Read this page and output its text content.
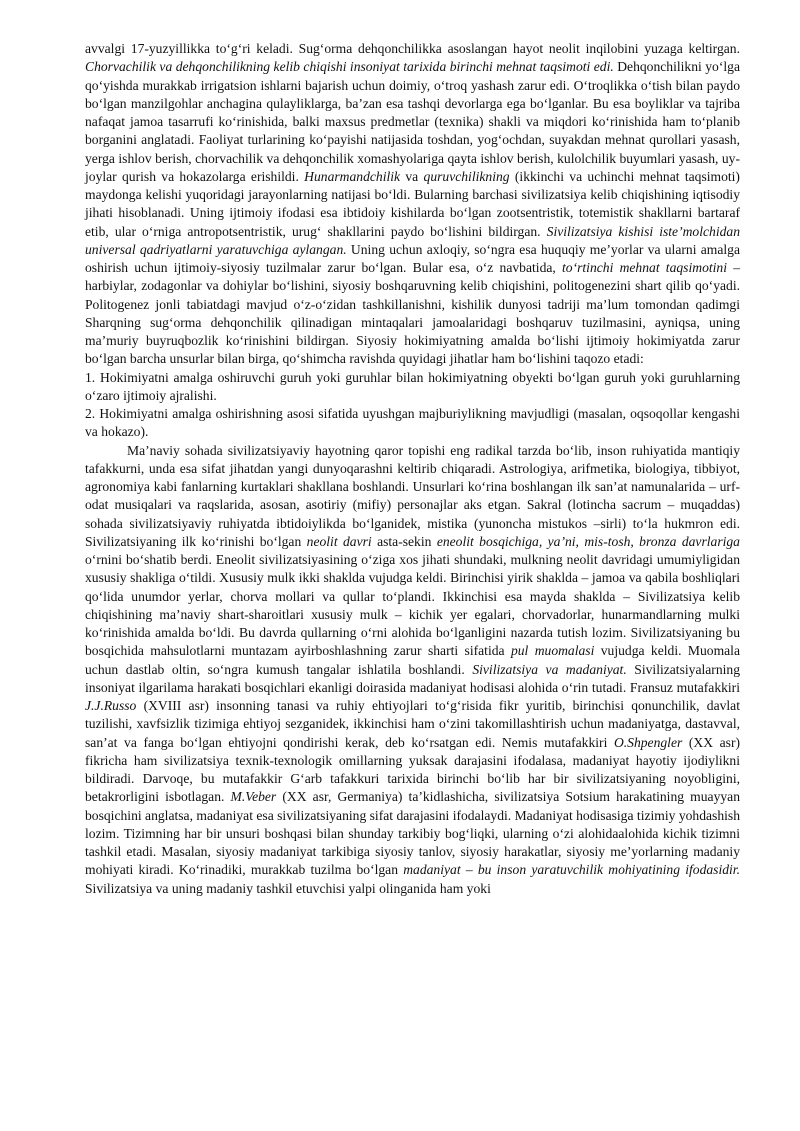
avvalgi 17-yuzyillikka to‘g‘ri keladi. Sug‘orma dehqonchilikka asoslangan hayot neolit inqilobini yuzaga keltirgan. Chorvachilik va dehqonchilikning kelib chiqishi insoniyat tarixida birinchi mehnat taqsimoti edi. Dehqonchilikni yo‘lga qo‘yishda murakkab irrigatsion ishlarni bajarish uchun doimiy, o‘troq yashash zarur edi. O‘troqlikka o‘tish bilan paydo bo‘lgan manzilgohlar anchagina qulayliklarga, ba’zan esa tashqi devorlarga ega bo‘lganlar. Bu esa boyliklar va tajriba nafaqat jamoa tasarrufi ko‘rinishida, balki maxsus predmetlar (texnika) shakli va miqdori ko‘rinishida ham to‘planib borganini anglatadi. Faoliyat turlarining ko‘payishi natijasida toshdan, yog‘ochdan, suyakdan mehnat qurollari yasash, yerga ishlov berish, chorvachilik va dehqonchilik xomashyolariga qayta ishlov berish, kulolchilik buyumlari yasash, uy-joylar qurish va hokazolarga erishildi. Hunarmandchilik va quruvchilikning (ikkinchi va uchinchi mehnat taqsimoti) maydonga kelishi yuqoridagi jarayonlarning natijasi bo‘ldi. Bularning barchasi sivilizatsiya kelib chiqishining iqtisodiy jihati hisoblanadi. Uning ijtimoiy ifodasi esa ibtidoiy kishilarda bo‘lgan zootsentristik, totemistik shakllarni bartaraf etib, ular o‘rniga antropotsentristik, urug‘ shakllarini paydo bo‘lishini bildirgan. Sivilizatsiya kishisi iste’molchidan universal qadriyatlarni yaratuvchiga aylangan. Uning uchun axloqiy, so‘ngra esa huquqiy me’yorlar va ularni amalga oshirish uchun ijtimoiy-siyosiy tuzilmalar zarur bo‘lgan. Bular esa, o‘z navbatida, to‘rtinchi mehnat taqsimotini – harbiylar, zodagonlar va dohiylar bo‘lishini, siyosiy boshqaruvning kelib chiqishini, politogenezini shart qilib qo‘yadi. Politogenez jonli tabiatdagi mavjud o‘z-o‘zidan tashkillanishni, kishilik dunyosi tadriji ma’lum tomondan qadimgi Sharqning sug‘orma dehqonchilik qilinadigan mintaqalari jamoalaridagi boshqaruv tuzilmasini, ayniqsa, uning ma’muriy buyruqbozlik ko‘rinishini bildirgan. Siyosiy hokimiyatning amalda bo‘lishi ijtimoiy hokimiyatda zarur bo‘lgan barcha unsurlar bilan birga, qo‘shimcha ravishda quyidagi jihatlar ham bo‘lishini taqozo etadi:

1. Hokimiyatni amalga oshiruvchi guruh yoki guruhlar bilan hokimiyatning obyekti bo‘lgan guruh yoki guruhlarning o‘zaro ijtimoiy ajralishi.

2. Hokimiyatni amalga oshirishning asosi sifatida uyushgan majburiylikning mavjudligi (masalan, oqsoqollar kengashi va hokazo).

Ma’naviy sohada sivilizatsiyaviy hayotning qaror topishi eng radikal tarzda bo‘lib, inson ruhiyatida mantiqiy tafakkurni, unda esa sifat jihatdan yangi dunyoqarashni keltirib chiqaradi. Astrologiya, arifmetika, biologiya, tibbiyot, agronomiya kabi fanlarning kurtaklari shakllana boshlandi. Unsurlari ko‘rina boshlangan ilk san’at namunalarida – urf-odat musiqalari va raqslarida, asosan, asotiriy (mifiy) personajlar aks etgan. Sakral (lotincha sacrum – muqaddas) sohada sivilizatsiyaviy ruhiyatda ibtidoiylikda bo‘lganidek, mistika (yunoncha mistukos –sirli) to‘la hukmron edi. Sivilizatsiyaning ilk ko‘rinishi bo‘lgan neolit davri asta-sekin eneolit bosqichiga, ya’ni, mis-tosh, bronza davrlariga o‘rnini bo‘shatib berdi. Eneolit sivilizatsiyasining o‘ziga xos jihati shundaki, mulkning neolit davridagi umumiyligidan xususiy shakliga o‘tildi. Xususiy mulk ikki shaklda vujudga keldi. Birinchisi yirik shaklda – jamoa va qabila boshliqlari qo‘lida unumdor yerlar, chorva mollari va qullar to‘plandi. Ikkinchisi esa mayda shaklda – Sivilizatsiya kelib chiqishining ma’naviy shart-sharoitlari xususiy mulk – kichik yer egalari, chorvadorlar, hunarmandlarning mulki ko‘rinishida amalda bo‘ldi. Bu davrda qullarning o‘rni alohida bo‘lganligini nazarda tutish lozim. Sivilizatsiyaning bu bosqichida mahsulotlarni muntazam ayirboshlashning zarur sharti sifatida pul muomalasi vujudga keldi. Muomala uchun dastlab oltin, so‘ngra kumush tangalar ishlatila boshlandi. Sivilizatsiya va madaniyat. Sivilizatsiyalarning insoniyat ilgarilama harakati bosqichlari ekanligi doirasida madaniyat hodisasi alohida o‘rin tutadi. Fransuz mutafakkiri J.J.Russo (XVIII asr) insonning tanasi va ruhiy ehtiyojlari to‘g‘risida fikr yuritib, birinchisi qonunchilik, davlat tuzilishi, xavfsizlik tizimiga ehtiyoj sezganidek, ikkinchisi ham o‘zini takomillashtirish uchun madaniyatga, dastavval, san’at va fanga bo‘lgan ehtiyojni qondirishi kerak, deb ko‘rsatgan edi. Nemis mutafakkiri O.Shpengler (XX asr) fikricha ham sivilizatsiya texnik-texnologik omillarning yuksak darajasini ifodalasa, madaniyat hayotiy ijodiylikni bildiradi. Darvoqe, bu mutafakkir G‘arb tafakkuri tarixida birinchi bo‘lib har bir sivilizatsiyaning noyobligini, betakrorligini isbotlagan. M.Veber (XX asr, Germaniya) ta’kidlashicha, sivilizatsiya Sotsium harakatining muayyan bosqichini anglatsa, madaniyat esa sivilizatsiyaning sifat darajasini ifodalaydi. Madaniyat hodisasiga tizimiy yohdashish lozim. Tizimning har bir unsuri boshqasi bilan shunday tarkibiy bog‘liqki, ularning o‘zi alohidaalohida kichik tizimni tashkil etadi. Masalan, siyosiy madaniyat tarkibiga siyosiy tanlov, siyosiy harakatlar, siyosiy me’yorlarning madaniy mohiyati kiradi. Ko‘rinadiki, murakkab tuzilma bo‘lgan madaniyat – bu inson yaratuvchilik mohiyatining ifodasidir. Sivilizatsiya va uning madaniy tashkil etuvchisi yalpi olinganida ham yoki
